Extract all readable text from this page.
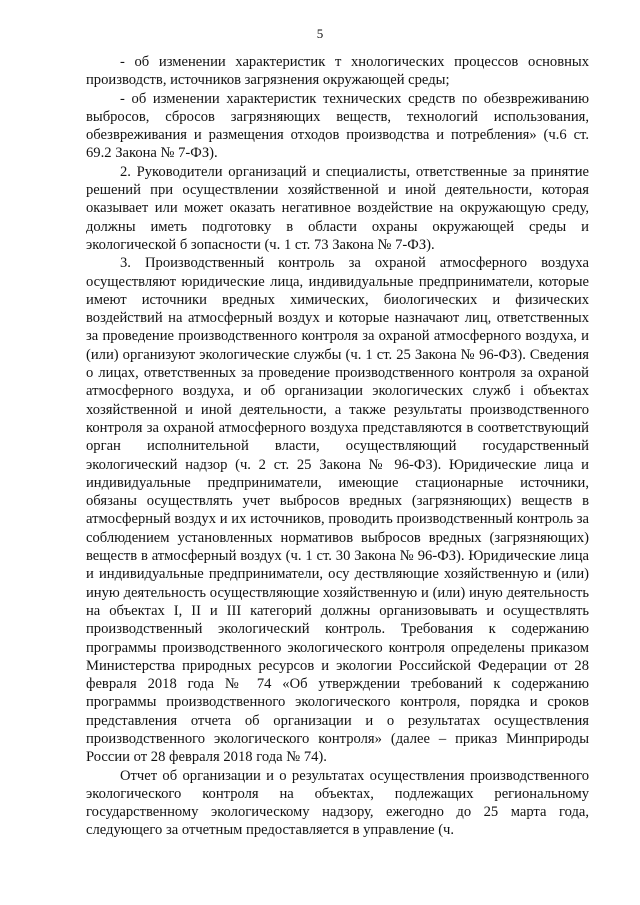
5

- об изменении характеристик т хнологических процессов основных производств, источников загрязнения окружающей среды;

- об изменении характеристик технических средств по обезвреживанию выбросов, сбросов загрязняющих веществ, технологий использования, обезвреживания и размещения отходов производства и потребления» (ч.6 ст. 69.2 Закона № 7-ФЗ).

2. Руководители организаций и специалисты, ответственные за принятие решений при осуществлении хозяйственной и иной деятельности, которая оказывает или может оказать негативное воздействие на окружающую среду, должны иметь подготовку в области охраны окружающей среды и экологической б зопасности (ч. 1 ст. 73 Закона № 7-ФЗ).

3. Производственный контроль за охраной атмосферного воздуха осуществляют юридические лица, индивидуальные предприниматели, которые имеют источники вредных химических, биологических и физических воздействий на атмосферный воздух и которые назначают лиц, ответственных за проведение производственного контроля за охраной атмосферного воздуха, и (или) организуют экологические службы (ч. 1 ст. 25 Закона № 96-ФЗ). Сведения о лицах, ответственных за проведение производственного контроля за охраной атмосферного воздуха, и об организации экологических служб і объектах хозяйственной и иной деятельности, а также результаты производственного контроля за охраной атмосферного воздуха представляются в соответствующий орган исполнительной власти, осуществляющий государственный экологический надзор (ч. 2 ст. 25 Закона № 96-ФЗ). Юридические лица и индивидуальные предприниматели, имеющие стационарные источники, обязаны осуществлять учет выбросов вредных (загрязняющих) веществ в атмосферный воздух и их источников, проводить производственный контроль за соблюдением установленных нормативов выбросов вредных (загрязняющих) веществ в атмосферный воздух (ч. 1 ст. 30 Закона № 96-ФЗ). Юридические лица и индивидуальные предприниматели, осу дествляющие хозяйственную и (или) иную деятельность осуществляющие хозяйственную и (или) иную деятельность на объектах I, II и III категорий должны организовывать и осуществлять производственный экологический контроль. Требования к содержанию программы производственного экологического контроля определены приказом Министерства природных ресурсов и экологии Российской Федерации от 28 февраля 2018 года № 74 «Об утверждении требований к содержанию программы производственного экологического контроля, порядка и сроков представления отчета об организации и о результатах осуществления производственного экологического контроля» (далее – приказ Минприроды России от 28 февраля 2018 года № 74).

Отчет об организации и о результатах осуществления производственного экологического контроля на объектах, подлежащих региональному государственному экологическому надзору, ежегодно до 25 марта года, следующего за отчетным предоставляется в управление (ч.
